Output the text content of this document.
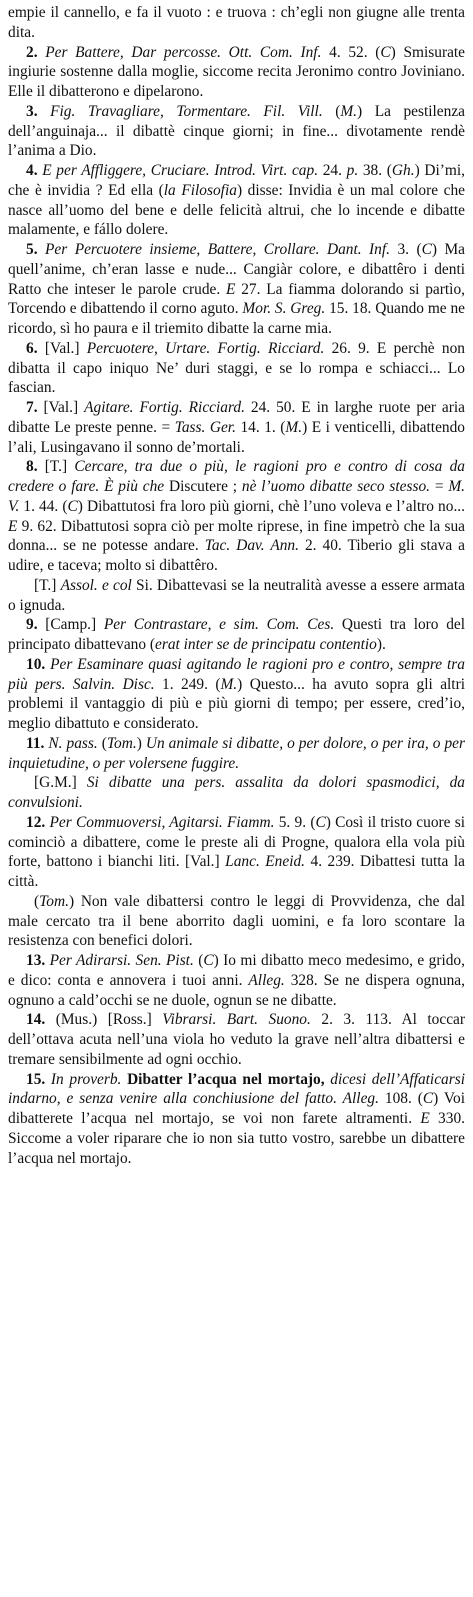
empie il cannello, e fa il vuoto : e truova : ch’egli non giugne alle trenta dita.

2. Per Battere, Dar percosse. Ott. Com. Inf. 4. 52. (C) Smisurate ingiurie sostenne dalla moglie, siccome recita Jeronimo contro Joviniano. Elle il dibatterono e dipelarono.

3. Fig. Travagliare, Tormentare. Fil. Vill. (M.) La pestilenza dell’anguinaja... il dibattè cinque giorni; in fine... divotamente rendè l’anima a Dio.

4. E per Affliggere, Cruciare. Introd. Virt. cap. 24. p. 38. (Gh.) Di’mi, che è invidia ? Ed ella (la Filosofia) disse: Invidia è un mal colore che nasce all’uomo del bene e delle felicità altrui, che lo incende e dibatte malamente, e fállo dolere.

5. Per Percuotere insieme, Battere, Crollare. Dant. Inf. 3. (C) Ma quell’anime, ch’eran lasse e nude... Cangiàr colore, e dibattêro i denti Ratto che inteser le parole crude. E 27. La fiamma dolorando si partìo, Torcendo e dibattendo il corno aguto. Mor. S. Greg. 15. 18. Quando me ne ricordo, sì ho paura e il triemito dibatte la carne mia.

6. [Val.] Percuotere, Urtare. Fortig. Ricciard. 26. 9. E perchè non dibatta il capo iniquo Ne’ duri staggi, e se lo rompa e schiacci... Lo fascian.

7. [Val.] Agitare. Fortig. Ricciard. 24. 50. E in larghe ruote per aria dibatte Le preste penne. = Tass. Ger. 14. 1. (M.) E i venticelli, dibattendo l’ali, Lusingavano il sonno de’mortali.

8. [T.] Cercare, tra due o più, le ragioni pro e contro di cosa da credere o fare. È più che Discutere ; nè l’uomo dibatte seco stesso. = M. V. 1. 44. (C) Dibattutosi fra loro più giorni, chè l’uno voleva e l’altro no... E 9. 62. Dibattutosi sopra ciò per molte riprese, in fine impetrò che la sua donna... se ne potesse andare. Tac. Dav. Ann. 2. 40. Tiberio gli stava a udire, e taceva; molto si dibattêro.

[T.] Assol. e col Si. Dibattevasi se la neutralità avesse a essere armata o ignuda.

9. [Camp.] Per Contrastare, e sim. Com. Ces. Questi tra loro del principato dibattevano (erat inter se de principatu contentio).

10. Per Esaminare quasi agitando le ragioni pro e contro, sempre tra più pers. Salvin. Disc. 1. 249. (M.) Questo... ha avuto sopra gli altri problemi il vantaggio di più e più giorni di tempo; per essere, cred’io, meglio dibattuto e considerato.

11. N. pass. (Tom.) Un animale si dibatte, o per dolore, o per ira, o per inquietudine, o per volersene fuggire.

[G.M.] Si dibatte una pers. assalita da dolori spasmodici, da convulsioni.

12. Per Commuoversi, Agitarsi. Fiamm. 5. 9. (C) Così il tristo cuore si cominciò a dibattere, come le preste ali di Progne, qualora ella vola più forte, battono i bianchi liti. [Val.] Lanc. Eneid. 4. 239. Dibattesi tutta la città.

(Tom.) Non vale dibattersi contro le leggi di Provvidenza, che dal male cercato tra il bene aborrito dagli uomini, e fa loro scontare la resistenza con benefici dolori.

13. Per Adirarsi. Sen. Pist. (C) Io mi dibatto meco medesimo, e grido, e dico: conta e annovera i tuoi anni. Alleg. 328. Se ne dispera ognuna, ognuno a cald’occhi se ne duole, ognun se ne dibatte.

14. (Mus.) [Ross.] Vibrarsi. Bart. Suono. 2. 3. 113. Al toccar dell’ottava acuta nell’una viola ho veduto la grave nell’altra dibattersi e tremare sensibilmente ad ogni occhio.

15. In proverb. Dibatter l’acqua nel mortajo, dicesi dell’Affaticarsi indarno, e senza venire alla conchiusione del fatto. Alleg. 108. (C) Voi dibatterete l’acqua nel mortajo, se voi non farete altramenti. E 330. Siccome a voler riparare che io non sia tutto vostro, sarebbe un dibattere l’acqua nel mortajo.
